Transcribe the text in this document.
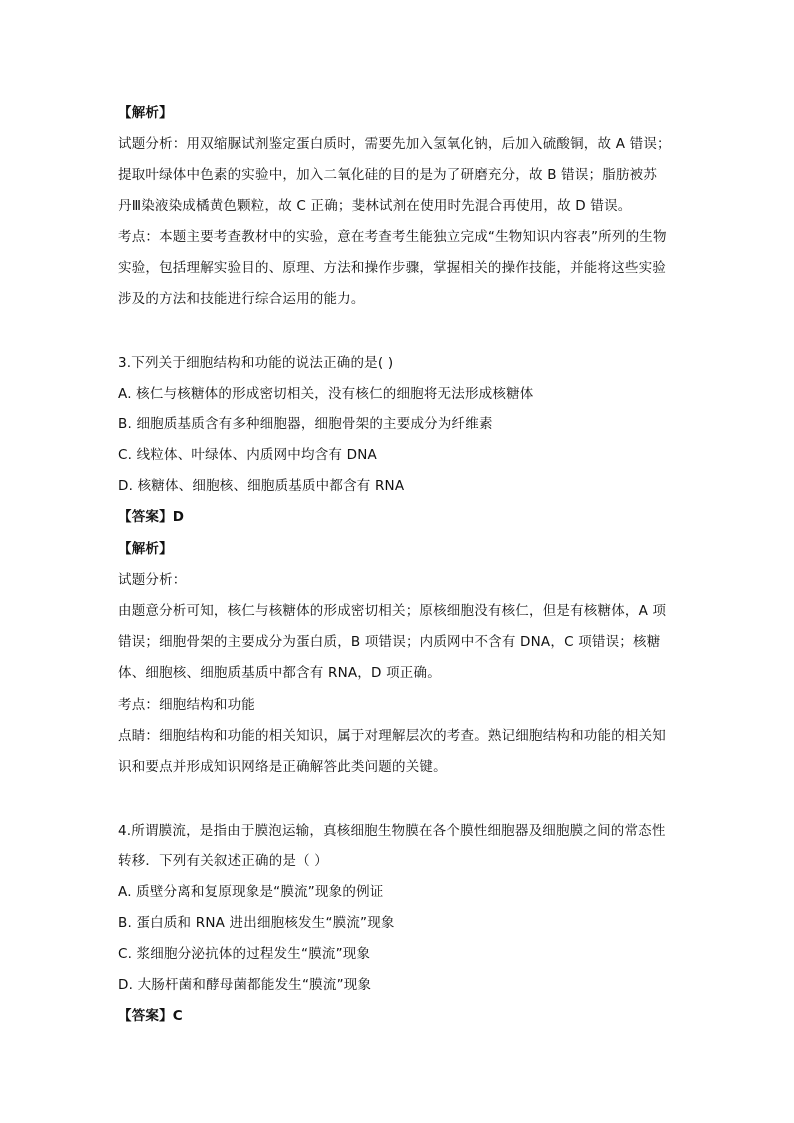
【解析】
试题分析：用双缩脲试剂鉴定蛋白质时，需要先加入氢氧化钠，后加入硫酸铜，故 A 错误；
提取叶绿体中色素的实验中，加入二氧化硅的目的是为了研磨充分，故 B 错误；脂肪被苏
丹Ⅲ染液染成橘黄色颗粒，故 C 正确；斐林试剂在使用时先混合再使用，故 D 错误。
考点：本题主要考查教材中的实验，意在考查考生能独立完成“生物知识内容表”所列的生物
实验，包括理解实验目的、原理、方法和操作步骤，掌握相关的操作技能，并能将这些实验
涉及的方法和技能进行综合运用的能力。
3.下列关于细胞结构和功能的说法正确的是( )
A. 核仁与核糖体的形成密切相关，没有核仁的细胞将无法形成核糖体
B. 细胞质基质含有多种细胞器，细胞骨架的主要成分为纤维素
C. 线粒体、叶绿体、内质网中均含有 DNA
D. 核糖体、细胞核、细胞质基质中都含有 RNA
【答案】D
【解析】
试题分析：
由题意分析可知，核仁与核糖体的形成密切相关；原核细胞没有核仁，但是有核糖体，A 项
错误；细胞骨架的主要成分为蛋白质，B 项错误；内质网中不含有 DNA，C 项错误；核糖
体、细胞核、细胞质基质中都含有 RNA，D 项正确。
考点：细胞结构和功能
点睛：细胞结构和功能的相关知识，属于对理解层次的考查。熟记细胞结构和功能的相关知
识和要点并形成知识网络是正确解答此类问题的关键。
4.所谓膜流，是指由于膜泡运输，真核细胞生物膜在各个膜性细胞器及细胞膜之间的常态性
转移．下列有关叙述正确的是（ ）
A. 质壁分离和复原现象是“膜流”现象的例证
B. 蛋白质和 RNA 进出细胞核发生“膜流”现象
C. 浆细胞分泌抗体的过程发生“膜流”现象
D. 大肠杆菌和酵母菌都能发生“膜流”现象
【答案】C
